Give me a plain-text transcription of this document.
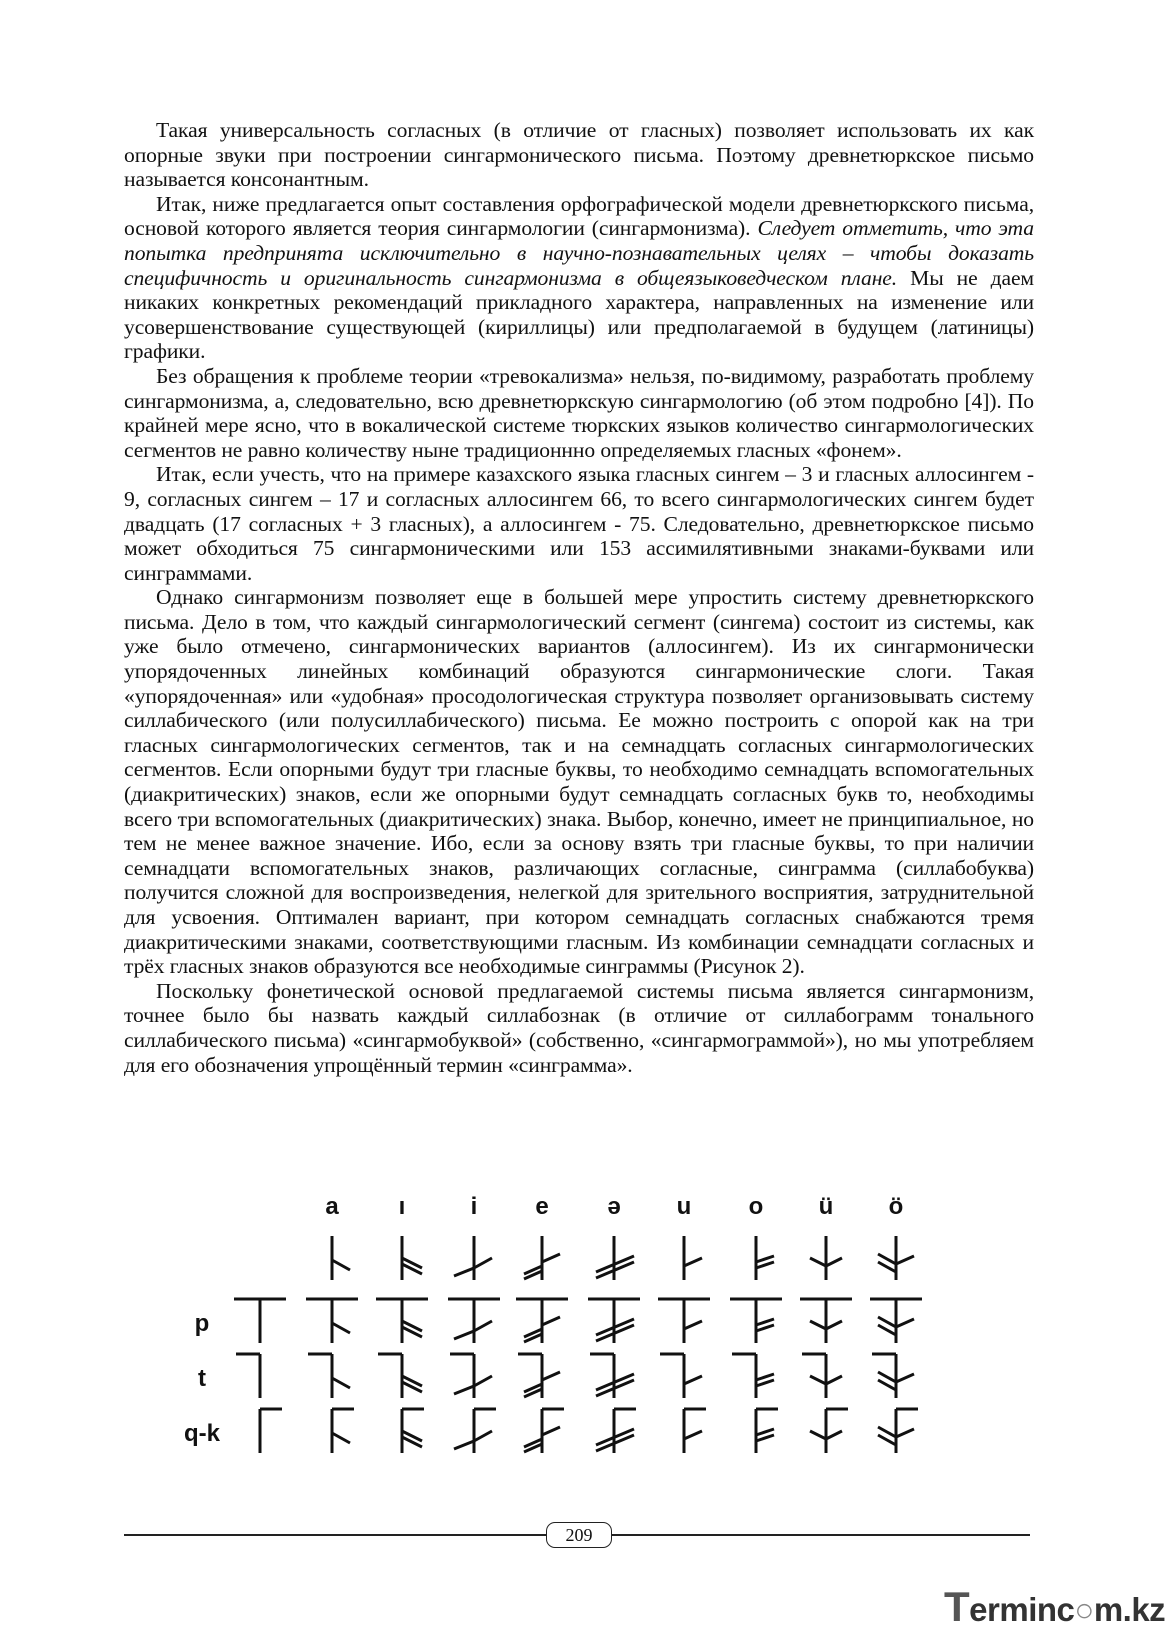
Такая универсальность согласных (в отличие от гласных) позволяет использовать их как опорные звуки при построении сингармонического письма. Поэтому древнетюркское письмо называется консонантным.

Итак, ниже предлагается опыт составления орфографической модели древнетюркского письма, основой которого является теория сингармологии (сингармонизма). Следует отметить, что эта попытка предпринята исключительно в научно-познавательных целях – чтобы доказать специфичность и оригинальность сингармонизма в общеязыковедческом плане. Мы не даем никаких конкретных рекомендаций прикладного характера, направленных на изменение или усовершенствование существующей (кириллицы) или предполагаемой в будущем (латиницы) графики.

Без обращения к проблеме теории «тревокализма» нельзя, по-видимому, разработать проблему сингармонизма, а, следовательно, всю древнетюркскую сингармологию (об этом подробно [4]). По крайней мере ясно, что в вокалической системе тюркских языков количество сингармологических сегментов не равно количеству ныне традиционнно определяемых гласных «фонем».

Итак, если учесть, что на примере казахского языка гласных сингем – 3 и гласных аллосингем - 9, согласных сингем – 17 и согласных аллосингем 66, то всего сингармологических сингем будет двадцать (17 согласных + 3 гласных), а аллосингем - 75. Следовательно, древнетюркское письмо может обходиться 75 сингармоническими или 153 ассимилятивными знаками-буквами или синграммами.

Однако сингармонизм позволяет еще в большей мере упростить систему древнетюркского письма. Дело в том, что каждый сингармологический сегмент (сингема) состоит из системы, как уже было отмечено, сингармонических вариантов (аллосингем). Из их сингармонически упорядоченных линейных комбинаций образуются сингармонические слоги. Такая «упорядоченная» или «удобная» просодологическая структура позволяет организовывать систему силлабического (или полусиллабического) письма. Ее можно построить с опорой как на три гласных сингармологических сегментов, так и на семнадцать согласных сингармологических сегментов. Если опорными будут три гласные буквы, то необходимо семнадцать вспомогательных (диакритических) знаков, если же опорными будут семнадцать согласных букв то, необходимы всего три вспомогательных (диакритических) знака. Выбор, конечно, имеет не принципиальное, но тем не менее важное значение. Ибо, если за основу взять три гласные буквы, то при наличии семнадцати вспомогательных знаков, различающих согласные, синграмма (силлабобуква) получится сложной для воспроизведения, нелегкой для зрительного восприятия, затруднительной для усвоения. Оптимален вариант, при котором семнадцать согласных снабжаются тремя диакритическими знаками, соответствующими гласным. Из комбинации семнадцати согласных и трёх гласных знаков образуются все необходимые синграммы (Рисунок 2).

Поскольку фонетической основой предлагаемой системы письма является сингармонизм, точнее было бы назвать каждый силлабознак (в отличие от силлабограмм тонального силлабического письма) «сингармобуквой» (собственно, «сингармограммой»), но мы употребляем для его обозначения упрощённый термин «синграмма».

a ı	i e ə u o ü ö
p
t
q-k
209
Terminc○m.kz
